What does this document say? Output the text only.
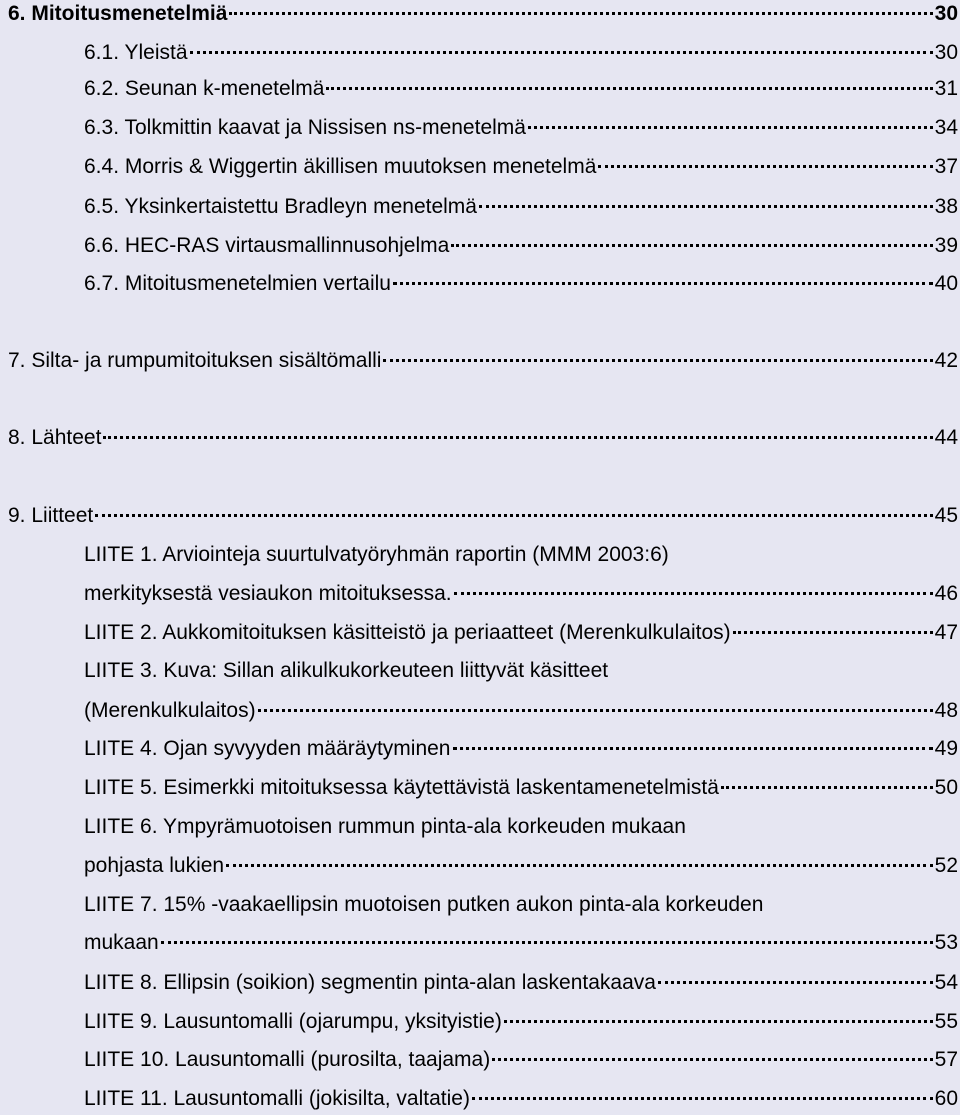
6. Mitoitusmenetelmiä	30
6.1. Yleistä	30
6.2. Seunan k-menetelmä	31
6.3. Tolkmittin kaavat ja Nissisen ns-menetelmä	34
6.4. Morris & Wiggertin äkillisen muutoksen menetelmä	37
6.5. Yksinkertaistettu Bradleyn menetelmä	38
6.6. HEC-RAS virtausmallinnusohjelma	39
6.7. Mitoitusmenetelmien vertailu	40
7. Silta- ja rumpumitoituksen sisältömalli	42
8. Lähteet	44
9. Liitteet	45
LIITE 1. Arviointeja suurtulvatyöryhmän raportin (MMM 2003:6)
merkityksestä vesiaukon mitoituksessa.	46
LIITE 2. Aukkomitoituksen käsitteistö ja periaatteet (Merenkulkulaitos)	47
LIITE 3. Kuva: Sillan alikulkukorkeuteen liittyvät käsitteet
(Merenkulkulaitos)	48
LIITE 4. Ojan syvyyden määräytyminen	49
LIITE 5. Esimerkki mitoituksessa käytettävistä laskentamenetelmistä	50
LIITE 6. Ympyrämuotoisen rummun pinta-ala korkeuden mukaan
pohjasta lukien	52
LIITE 7. 15% -vaakaellipsin muotoisen putken aukon pinta-ala korkeuden
mukaan	53
LIITE 8. Ellipsin (soikion) segmentin pinta-alan laskentakaava	54
LIITE 9. Lausuntomalli (ojarumpu, yksityistie)	55
LIITE 10. Lausuntomalli (purosilta, taajama)	57
LIITE 11. Lausuntomalli (jokisilta, valtatie)	60
